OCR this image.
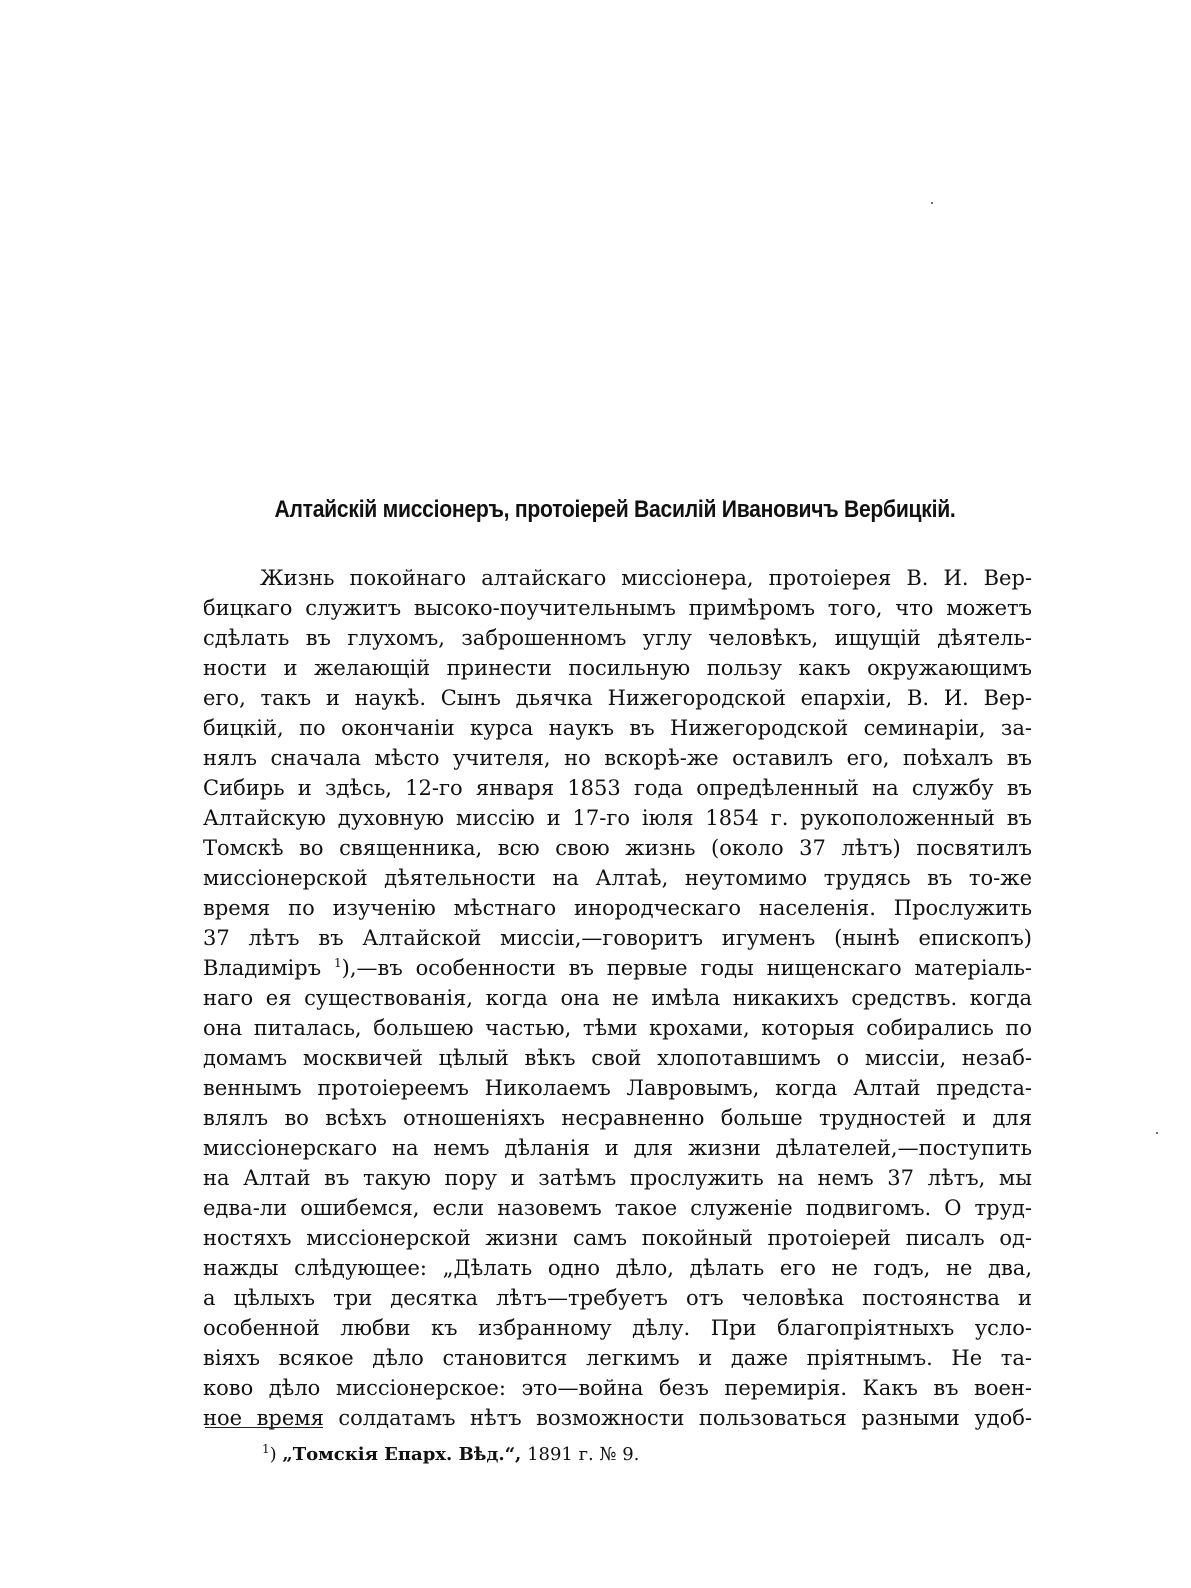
Алтайскій миссіонеръ, протоіерей Василій Ивановичъ Вербицкій.
Жизнь покойнаго алтайскаго миссіонера, протоіерея В. И. Вер-
бицкаго служитъ высоко-поучительнымъ примѣромъ того, что можетъ
сдѣлать въ глухомъ, заброшенномъ углу человѣкъ, ищущій дѣятель-
ности и желающій принести посильную пользу какъ окружающимъ
его, такъ и наукѣ. Сынъ дьячка Нижегородской епархіи, В. И. Вер-
бицкій, по окончаніи курса наукъ въ Нижегородской семинаріи, за-
нялъ сначала мѣсто учителя, но вскорѣ-же оставилъ его, поѣхалъ въ
Сибирь и здѣсь, 12-го января 1853 года опредѣленный на службу въ
Алтайскую духовную миссію и 17-го іюля 1854 г. рукоположенный въ
Томскѣ во священника, всю свою жизнь (около 37 лѣтъ) посвятилъ
миссіонерской дѣятельности на Алтаѣ, неутомимо трудясь въ то-же
время по изученію мѣстнаго инородческаго населенія. Прослужить
37 лѣтъ въ Алтайской миссіи,—говоритъ игуменъ (нынѣ епископъ)
Владиміръ $^1$),—въ особенности въ первые годы нищенскаго матеріаль-
нaго ея существованія, когда она не имѣла никакихъ средствъ. когда
она питалась, большею частью, тѣми крохами, которыя собирались по
домамъ москвичей цѣлый вѣкъ свой хлопотавшимъ о миссіи, незаб-
веннымъ протоіереемъ Николаемъ Лавровымъ, когда Алтай предста-
влялъ во всѣхъ отношеніяхъ несравненно больше трудностей и для
миссіонерскаго на немъ дѣланія и для жизни дѣлателей,—поступить
на Алтай въ такую пору и затѣмъ прослужить на немъ 37 лѣтъ, мы
едва-ли ошибемся, если назовемъ такое служеніе подвигомъ. О труд-
ностяхъ миссіонерской жизни самъ покойный протоіерей писалъ од-
нажды слѣдующее: „Дѣлать одно дѣло, дѣлать его не годъ, не два,
а цѣлыхъ три десятка лѣтъ—требуетъ отъ человѣка постоянства и
особенной любви къ избранному дѣлу. При благопріятныхъ усло-
віяхъ всякое дѣло становится легкимъ и даже пріятнымъ. Не та-
ково дѣло миссіонерское: это—война безъ перемирія. Какъ въ воен-
ное время солдатамъ нѣтъ возможности пользоваться разными удоб-
$^1$) „Томскія Епарх. Вѣд.“, 1891 г. № 9.
